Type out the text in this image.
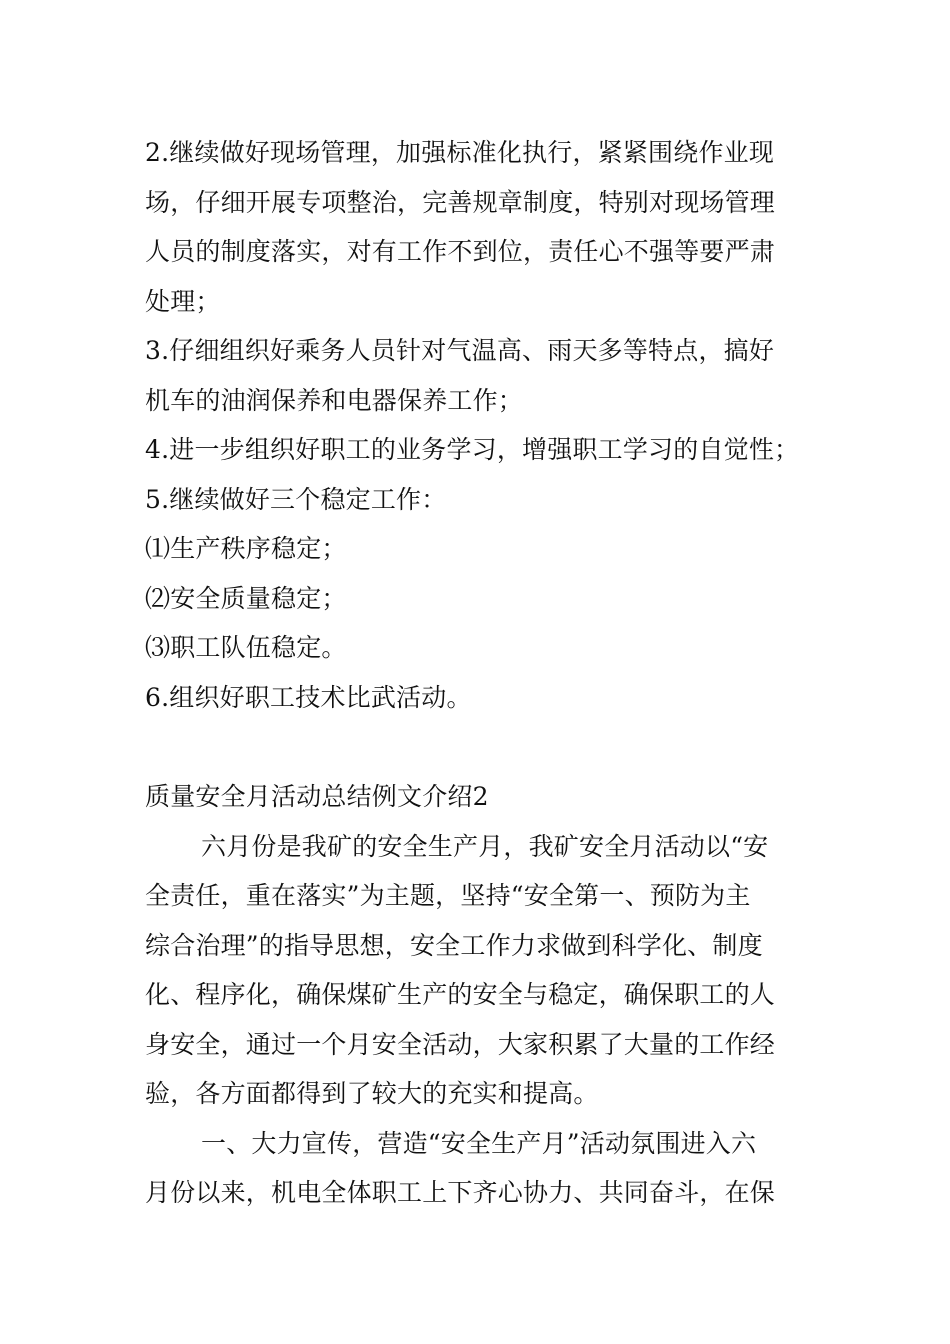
2.继续做好现场管理，加强标准化执行，紧紧围绕作业现
场，仔细开展专项整治，完善规章制度，特别对现场管理
人员的制度落实，对有工作不到位，责任心不强等要严肃
处理；
3.仔细组织好乘务人员针对气温高、雨天多等特点，搞好
机车的油润保养和电器保养工作；
4.进一步组织好职工的业务学习，增强职工学习的自觉性；
5.继续做好三个稳定工作：
⑴生产秩序稳定；
⑵安全质量稳定；
⑶职工队伍稳定。
6.组织好职工技术比武活动。
质量安全月活动总结例文介绍2
六月份是我矿的安全生产月，我矿安全月活动以“安
全责任，重在落实”为主题，坚持“安全第一、预防为主
综合治理”的指导思想，安全工作力求做到科学化、制度
化、程序化，确保煤矿生产的安全与稳定，确保职工的人
身安全，通过一个月安全活动，大家积累了大量的工作经
验，各方面都得到了较大的充实和提高。
一、大力宣传，营造“安全生产月”活动氛围进入六
月份以来，机电全体职工上下齐心协力、共同奋斗，在保
